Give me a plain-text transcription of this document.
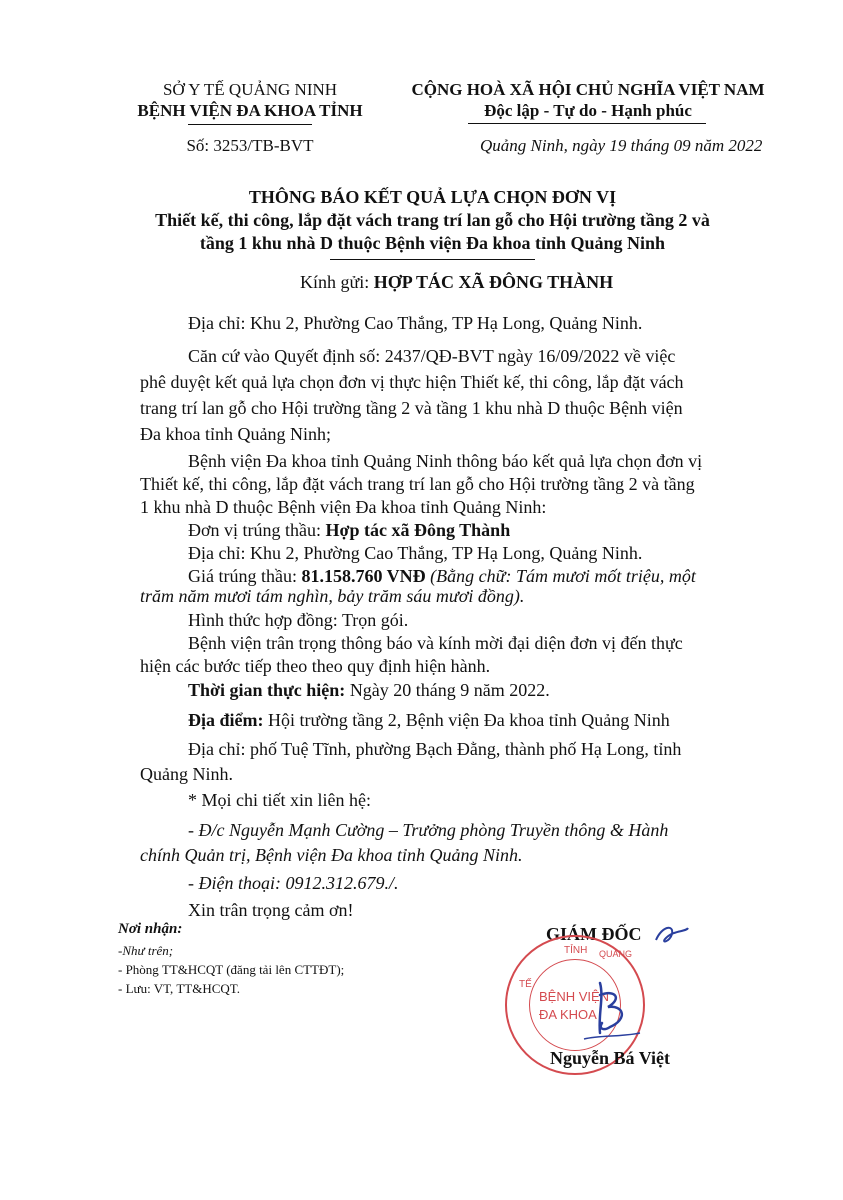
SỞ Y TẾ QUẢNG NINH
BỆNH VIỆN ĐA KHOA TỈNH
Số: 3253/TB-BVT
CỘNG HOÀ XÃ HỘI CHỦ NGHĨA VIỆT NAM
Độc lập - Tự do - Hạnh phúc
Quảng Ninh, ngày 19 tháng 09 năm 2022
THÔNG BÁO KẾT QUẢ LỰA CHỌN ĐƠN VỊ
Thiết kế, thi công, lắp đặt vách trang trí lan gỗ cho Hội trường tầng 2 và
tầng 1 khu nhà D thuộc Bệnh viện Đa khoa tỉnh Quảng Ninh
Kính gửi: HỢP TÁC XÃ ĐÔNG THÀNH
Địa chỉ: Khu 2, Phường Cao Thắng, TP Hạ Long, Quảng Ninh.
Căn cứ vào Quyết định số: 2437/QĐ-BVT ngày 16/09/2022 về việc
phê duyệt kết quả lựa chọn đơn vị thực hiện Thiết kế, thi công, lắp đặt vách
trang trí lan gỗ cho Hội trường tầng 2 và tầng 1 khu nhà D thuộc Bệnh viện
Đa khoa tỉnh Quảng Ninh;
Bệnh viện Đa khoa tỉnh Quảng Ninh thông báo kết quả lựa chọn đơn vị
Thiết kế, thi công, lắp đặt vách trang trí lan gỗ cho Hội trường tầng 2 và tầng
1 khu nhà D thuộc Bệnh viện Đa khoa tỉnh Quảng Ninh:
Đơn vị trúng thầu: Hợp tác xã Đông Thành
Địa chỉ: Khu 2, Phường Cao Thắng, TP Hạ Long, Quảng Ninh.
Giá trúng thầu: 81.158.760 VNĐ (Bằng chữ: Tám mươi mốt triệu, một
trăm năm mươi tám nghìn, bảy trăm sáu mươi đồng).
Hình thức hợp đồng: Trọn gói.
Bệnh viện trân trọng thông báo và kính mời đại diện đơn vị đến thực
hiện các bước tiếp theo theo quy định hiện hành.
Thời gian thực hiện: Ngày 20 tháng 9 năm 2022.
Địa điểm: Hội trường tầng 2, Bệnh viện Đa khoa tỉnh Quảng Ninh
Địa chỉ: phố Tuệ Tĩnh, phường Bạch Đằng, thành phố Hạ Long, tỉnh
Quảng Ninh.
* Mọi chi tiết xin liên hệ:
- Đ/c Nguyễn Mạnh Cường – Trưởng phòng Truyền thông & Hành
chính Quản trị, Bệnh viện Đa khoa tỉnh Quảng Ninh.
- Điện thoại: 0912.312.679./.
Xin trân trọng cảm ơn!
Nơi nhận:
-Như trên;
- Phòng TT&HCQT (đăng tải lên CTTĐT);
- Lưu: VT, TT&HCQT.
GIÁM ĐỐC
TỈNH
TẾ
QUẢNG
BỆNH VIỆN
ĐA KHOA
Nguyễn Bá Việt
